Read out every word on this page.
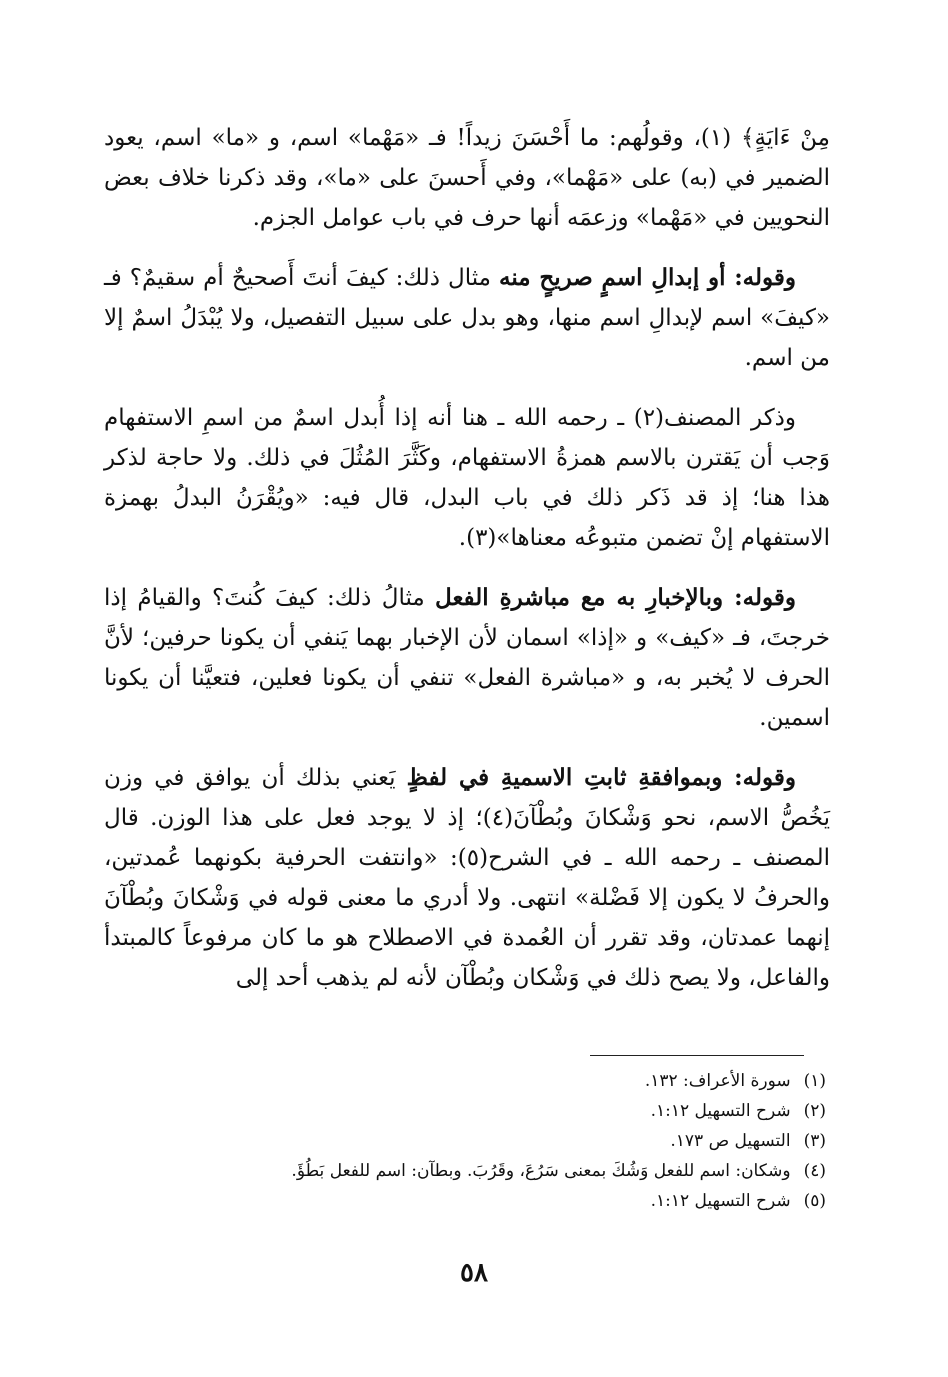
مِنْ ءَايَةٍ﴾ (١)، وقولُهم: ما أَحْسَنَ زيداً! فـ «مَهْما» اسم، و «ما» اسم، يعود الضمير في (به) على «مَهْما»، وفي أَحسنَ على «ما»، وقد ذكرنا خلاف بعض النحويين في «مَهْما» وزعمَه أنها حرف في باب عوامل الجزم.

وقوله: أو إبدالِ اسمٍ صريحٍ منه مثال ذلك: كيفَ أنتَ أَصحيحٌ أم سقيمٌ؟ فـ «كيفَ» اسم لإبدالِ اسم منها، وهو بدل على سبيل التفصيل، ولا يُبْدَلُ اسمٌ إلا من اسم.

وذكر المصنف(٢) ـ رحمه الله ـ هنا أنه إذا أُبدل اسمٌ من اسمِ الاستفهام وَجب أن يَقترن بالاسم همزةُ الاستفهام، وكَثَّرَ المُثُلَ في ذلك. ولا حاجة لذكر هذا هنا؛ إذ قد ذَكر ذلك في باب البدل، قال فيه: «ويُقْرَنُ البدلُ بهمزة الاستفهام إنْ تضمن متبوعُه معناها»(٣).

وقوله: وبالإخبارِ به مع مباشرةِ الفعل مثالُ ذلك: كيفَ كُنتَ؟ والقيامُ إذا خرجتَ، فـ «كيف» و «إذا» اسمان لأن الإخبار بهما يَنفي أن يكونا حرفين؛ لأنَّ الحرف لا يُخبر به، و «مباشرة الفعل» تنفي أن يكونا فعلين، فتعيَّنا أن يكونا اسمين.

وقوله: وبموافقةِ ثابتِ الاسميةِ في لفظٍ يَعني بذلك أن يوافق في وزن يَخُصُّ الاسم، نحو وَشْكانَ وبُطْآنَ(٤)؛ إذ لا يوجد فعل على هذا الوزن. قال المصنف ـ رحمه الله ـ في الشرح(٥): «وانتفت الحرفية بكونهما عُمدتين، والحرفُ لا يكون إلا فَضْلة» انتهى. ولا أدري ما معنى قوله في وَشْكانَ وبُطْآنَ إنهما عمدتان، وقد تقرر أن العُمدة في الاصطلاح هو ما كان مرفوعاً كالمبتدأ والفاعل، ولا يصح ذلك في وَشْكان وبُطْآن لأنه لم يذهب أحد إلى

(١) سورة الأعراف: ١٣٢.

(٢) شرح التسهيل ١:١٢.

(٣) التسهيل ص ١٧٣.

(٤) وشكان: اسم للفعل وَشُكَ بمعنى سَرُعَ، وقَرُبَ. وبطآن: اسم للفعل بَطُؤَ.

(٥) شرح التسهيل ١:١٢.

٥٨
